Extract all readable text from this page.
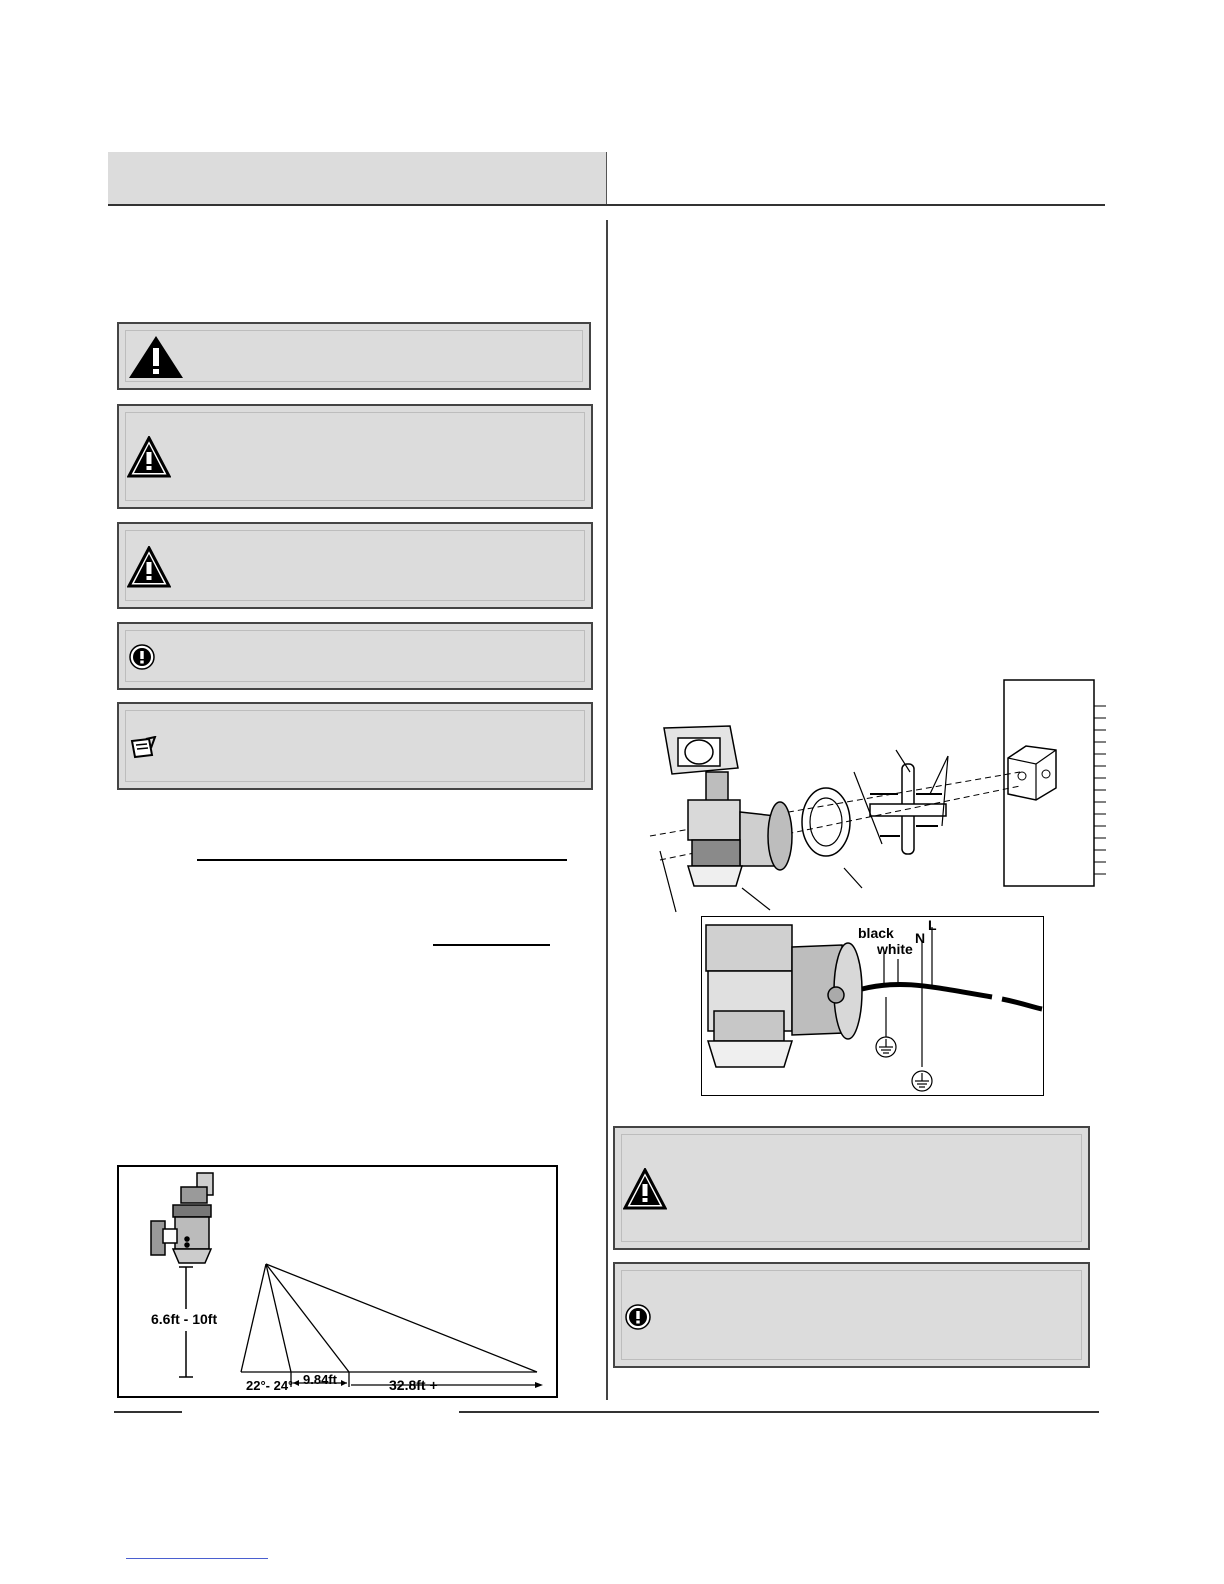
6.6ft - 10ft
22°- 24° 9.84ft	32.8ft +
black
white
N
L
